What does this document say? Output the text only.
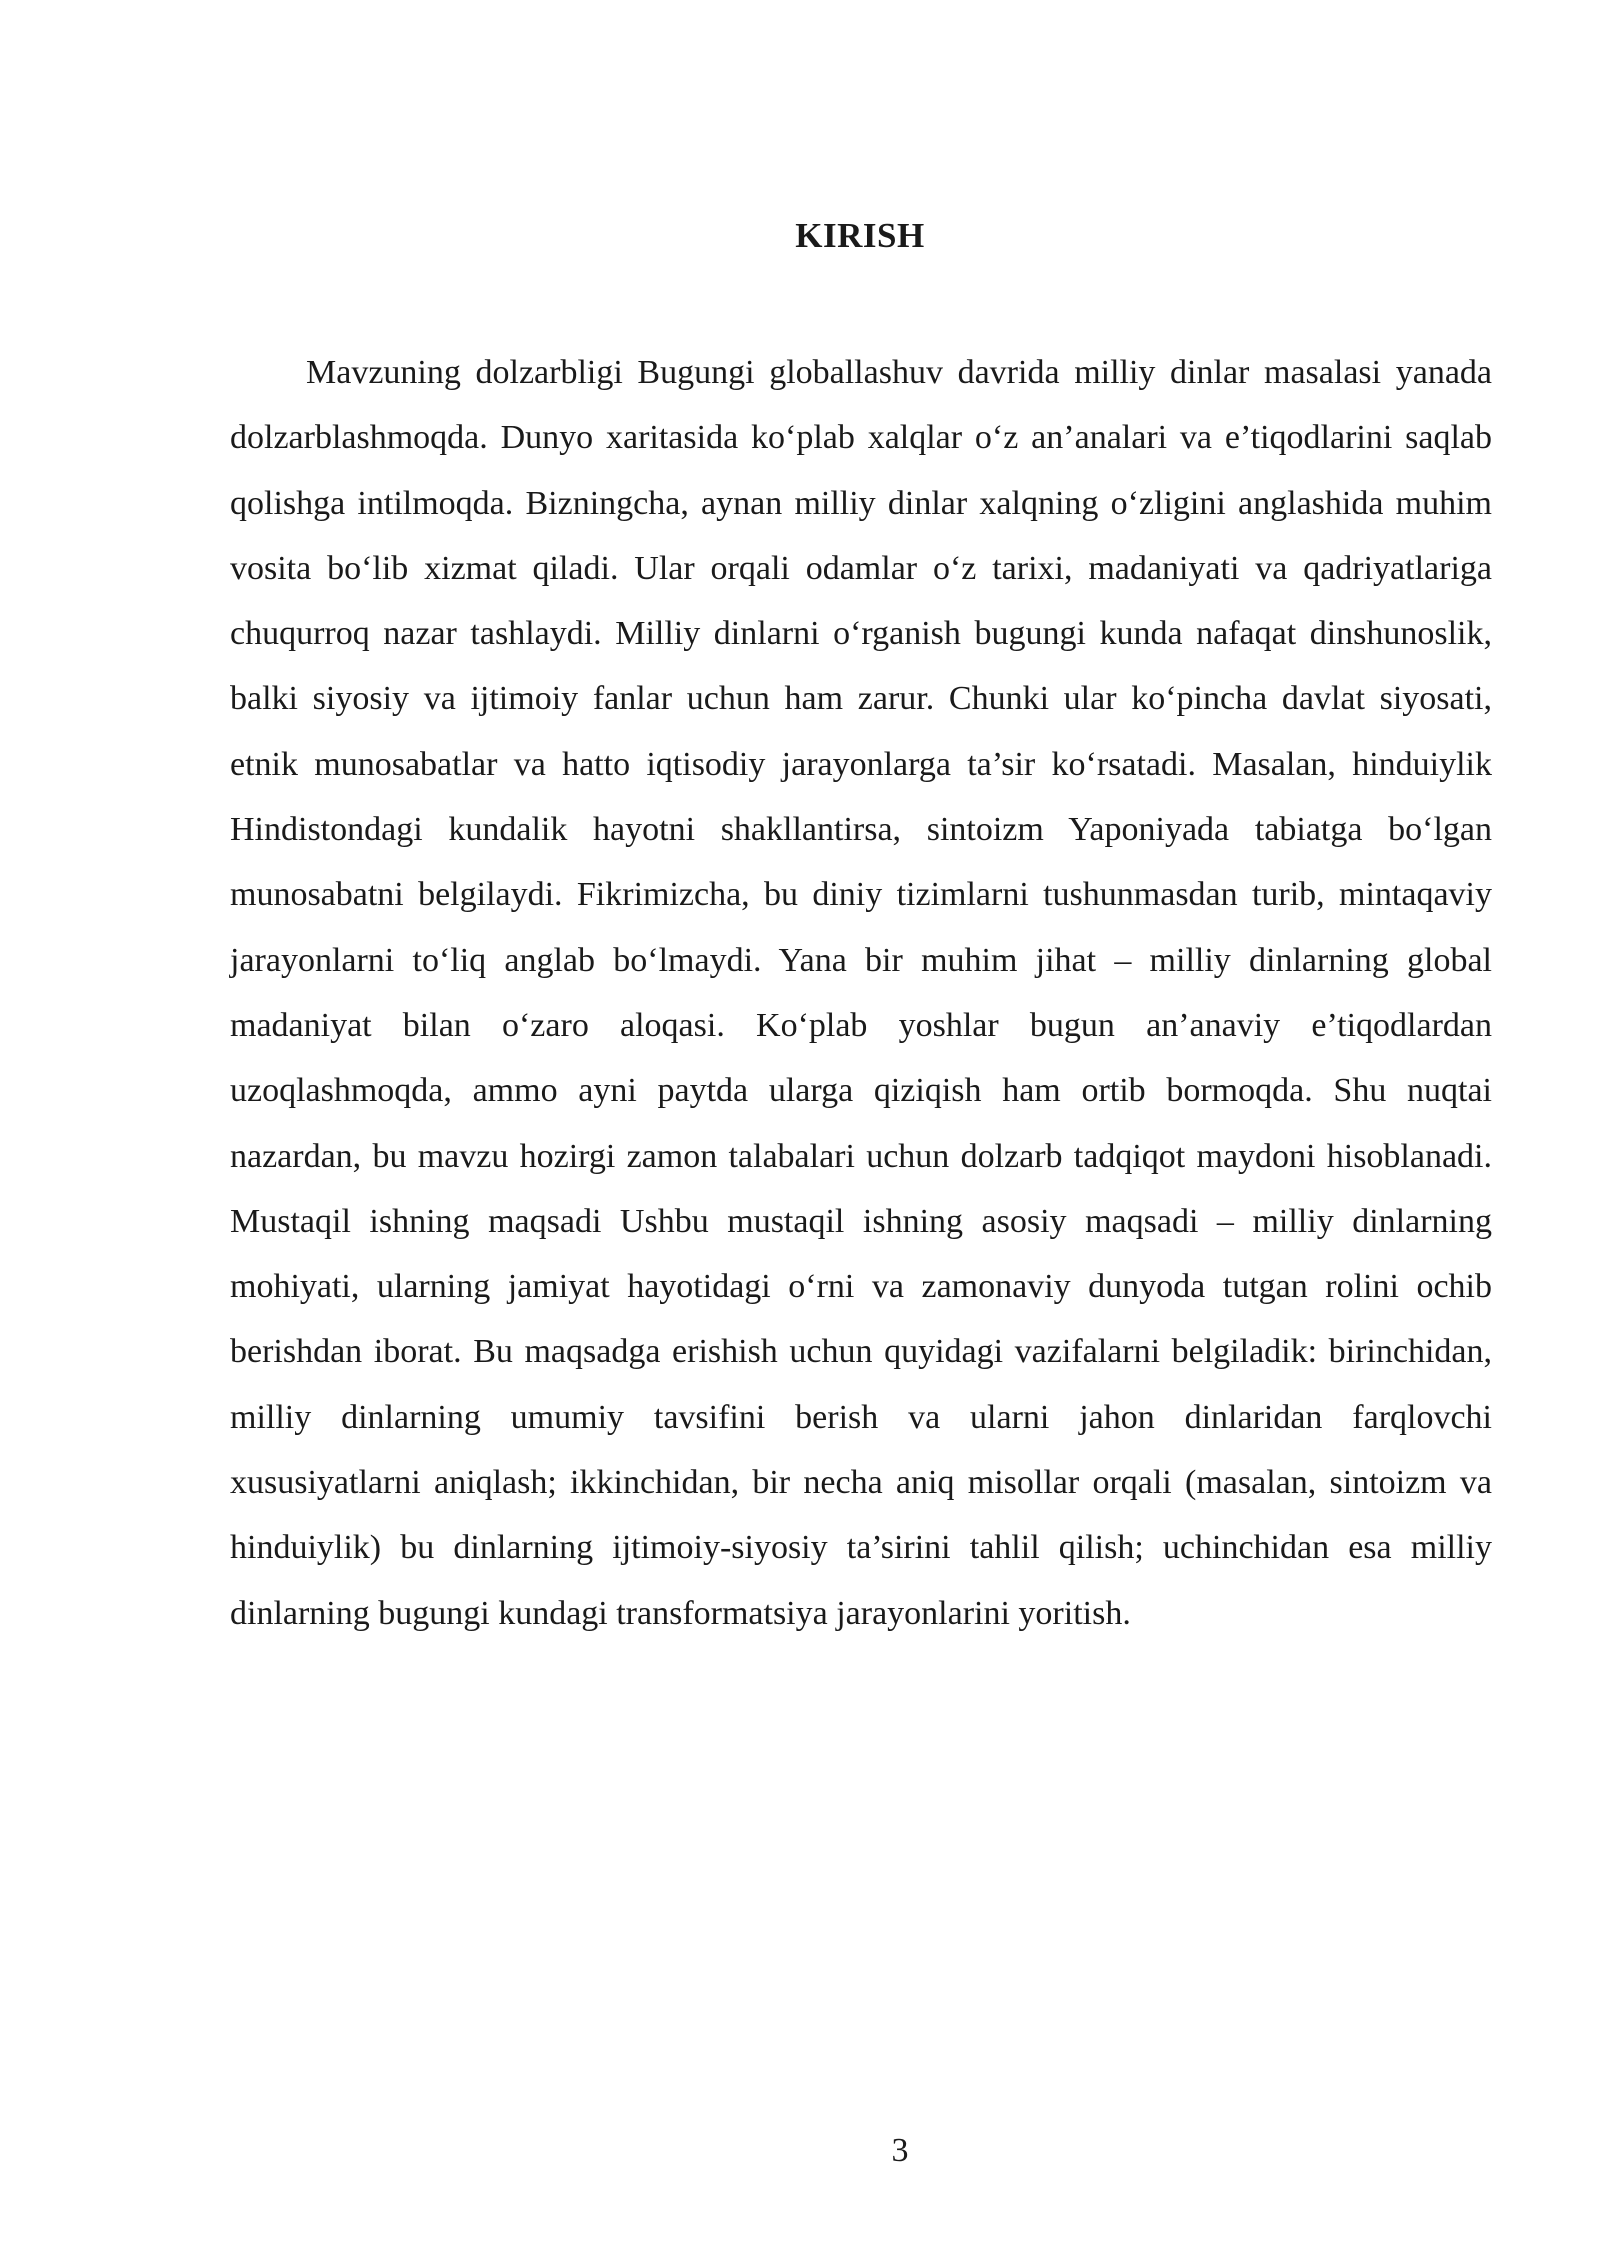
KIRISH

Mavzuning dolzarbligi Bugungi globallashuv davrida milliy dinlar masalasi yanada dolzarblashmoqda. Dunyo xaritasida ko‘plab xalqlar o‘z an’analari va e’tiqodlarini saqlab qolishga intilmoqda. Bizningcha, aynan milliy dinlar xalqning o‘zligini anglashida muhim vosita bo‘lib xizmat qiladi. Ular orqali odamlar o‘z tarixi, madaniyati va qadriyatlariga chuqurroq nazar tashlaydi. Milliy dinlarni o‘rganish bugungi kunda nafaqat dinshunoslik, balki siyosiy va ijtimoiy fanlar uchun ham zarur. Chunki ular ko‘pincha davlat siyosati, etnik munosabatlar va hatto iqtisodiy jarayonlarga ta’sir ko‘rsatadi. Masalan, hinduiylik Hindistondagi kundalik hayotni shakllantirsa, sintoizm Yaponiyada tabiatga bo‘lgan munosabatni belgilaydi. Fikrimizcha, bu diniy tizimlarni tushunmasdan turib, mintaqaviy jarayonlarni to‘liq anglab bo‘lmaydi. Yana bir muhim jihat – milliy dinlarning global madaniyat bilan o‘zaro aloqasi. Ko‘plab yoshlar bugun an’anaviy e’tiqodlardan uzoqlashmoqda, ammo ayni paytda ularga qiziqish ham ortib bormoqda. Shu nuqtai nazardan, bu mavzu hozirgi zamon talabalari uchun dolzarb tadqiqot maydoni hisoblanadi. Mustaqil ishning maqsadi Ushbu mustaqil ishning asosiy maqsadi – milliy dinlarning mohiyati, ularning jamiyat hayotidagi o‘rni va zamonaviy dunyoda tutgan rolini ochib berishdan iborat. Bu maqsadga erishish uchun quyidagi vazifalarni belgiladik: birinchidan, milliy dinlarning umumiy tavsifini berish va ularni jahon dinlaridan farqlovchi xususiyatlarni aniqlash; ikkinchidan, bir necha aniq misollar orqali (masalan, sintoizm va hinduiylik) bu dinlarning ijtimoiy-siyosiy ta’sirini tahlil qilish; uchinchidan esa milliy dinlarning bugungi kundagi transformatsiya jarayonlarini yoritish.

3
